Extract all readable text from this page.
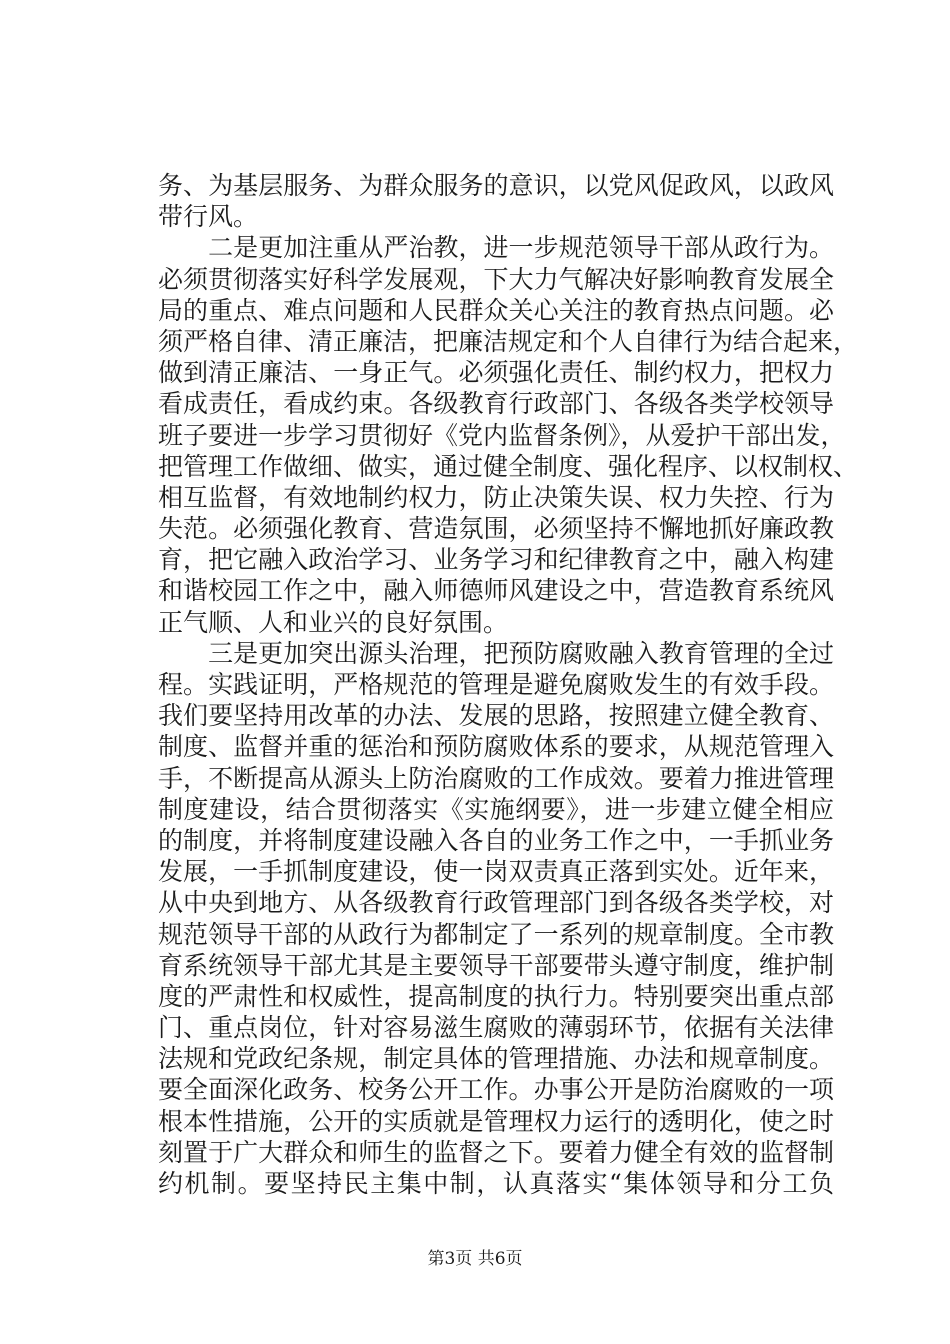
务、为基层服务、为群众服务的意识，以党风促政风，以政风
带行风。
　　二是更加注重从严治教，进一步规范领导干部从政行为。
必须贯彻落实好科学发展观，下大力气解决好影响教育发展全
局的重点、难点问题和人民群众关心关注的教育热点问题。必
须严格自律、清正廉洁，把廉洁规定和个人自律行为结合起来，
做到清正廉洁、一身正气。必须强化责任、制约权力，把权力
看成责任，看成约束。各级教育行政部门、各级各类学校领导
班子要进一步学习贯彻好《党内监督条例》，从爱护干部出发，
把管理工作做细、做实，通过健全制度、强化程序、以权制权、
相互监督，有效地制约权力，防止决策失误、权力失控、行为
失范。必须强化教育、营造氛围，必须坚持不懈地抓好廉政教
育，把它融入政治学习、业务学习和纪律教育之中，融入构建
和谐校园工作之中，融入师德师风建设之中，营造教育系统风
正气顺、人和业兴的良好氛围。
　　三是更加突出源头治理，把预防腐败融入教育管理的全过
程。实践证明，严格规范的管理是避免腐败发生的有效手段。
我们要坚持用改革的办法、发展的思路，按照建立健全教育、
制度、监督并重的惩治和预防腐败体系的要求，从规范管理入
手，不断提高从源头上防治腐败的工作成效。要着力推进管理
制度建设，结合贯彻落实《实施纲要》，进一步建立健全相应
的制度，并将制度建设融入各自的业务工作之中，一手抓业务
发展，一手抓制度建设，使一岗双责真正落到实处。近年来，
从中央到地方、从各级教育行政管理部门到各级各类学校，对
规范领导干部的从政行为都制定了一系列的规章制度。全市教
育系统领导干部尤其是主要领导干部要带头遵守制度，维护制
度的严肃性和权威性，提高制度的执行力。特别要突出重点部
门、重点岗位，针对容易滋生腐败的薄弱环节，依据有关法律
法规和党政纪条规，制定具体的管理措施、办法和规章制度。
要全面深化政务、校务公开工作。办事公开是防治腐败的一项
根本性措施，公开的实质就是管理权力运行的透明化，使之时
刻置于广大群众和师生的监督之下。要着力健全有效的监督制
约机制。要坚持民主集中制，认真落实“集体领导和分工负
第3页 共6页
